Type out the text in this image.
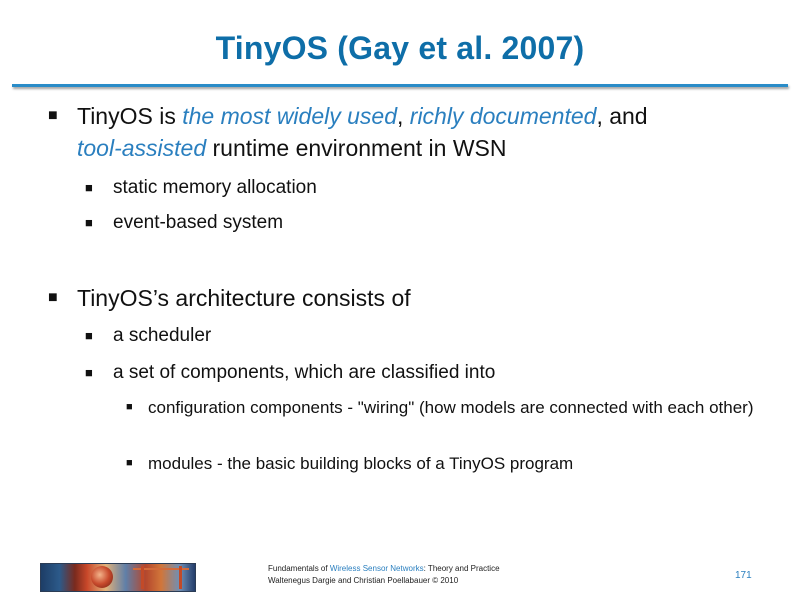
TinyOS (Gay et al. 2007)
■ TinyOS is the most widely used, richly documented, and
tool-assisted runtime environment in WSN
■ static memory allocation
■ event-based system
■ TinyOS’s architecture consists of
■ a scheduler
■ a set of components, which are classified into
■ configuration components - "wiring" (how models are connected with each other)
■ modules - the basic building blocks of a TinyOS program
Fundamentals of Wireless Sensor Networks: Theory and Practice
Waltenegus Dargie and Christian Poellabauer © 2010	171
